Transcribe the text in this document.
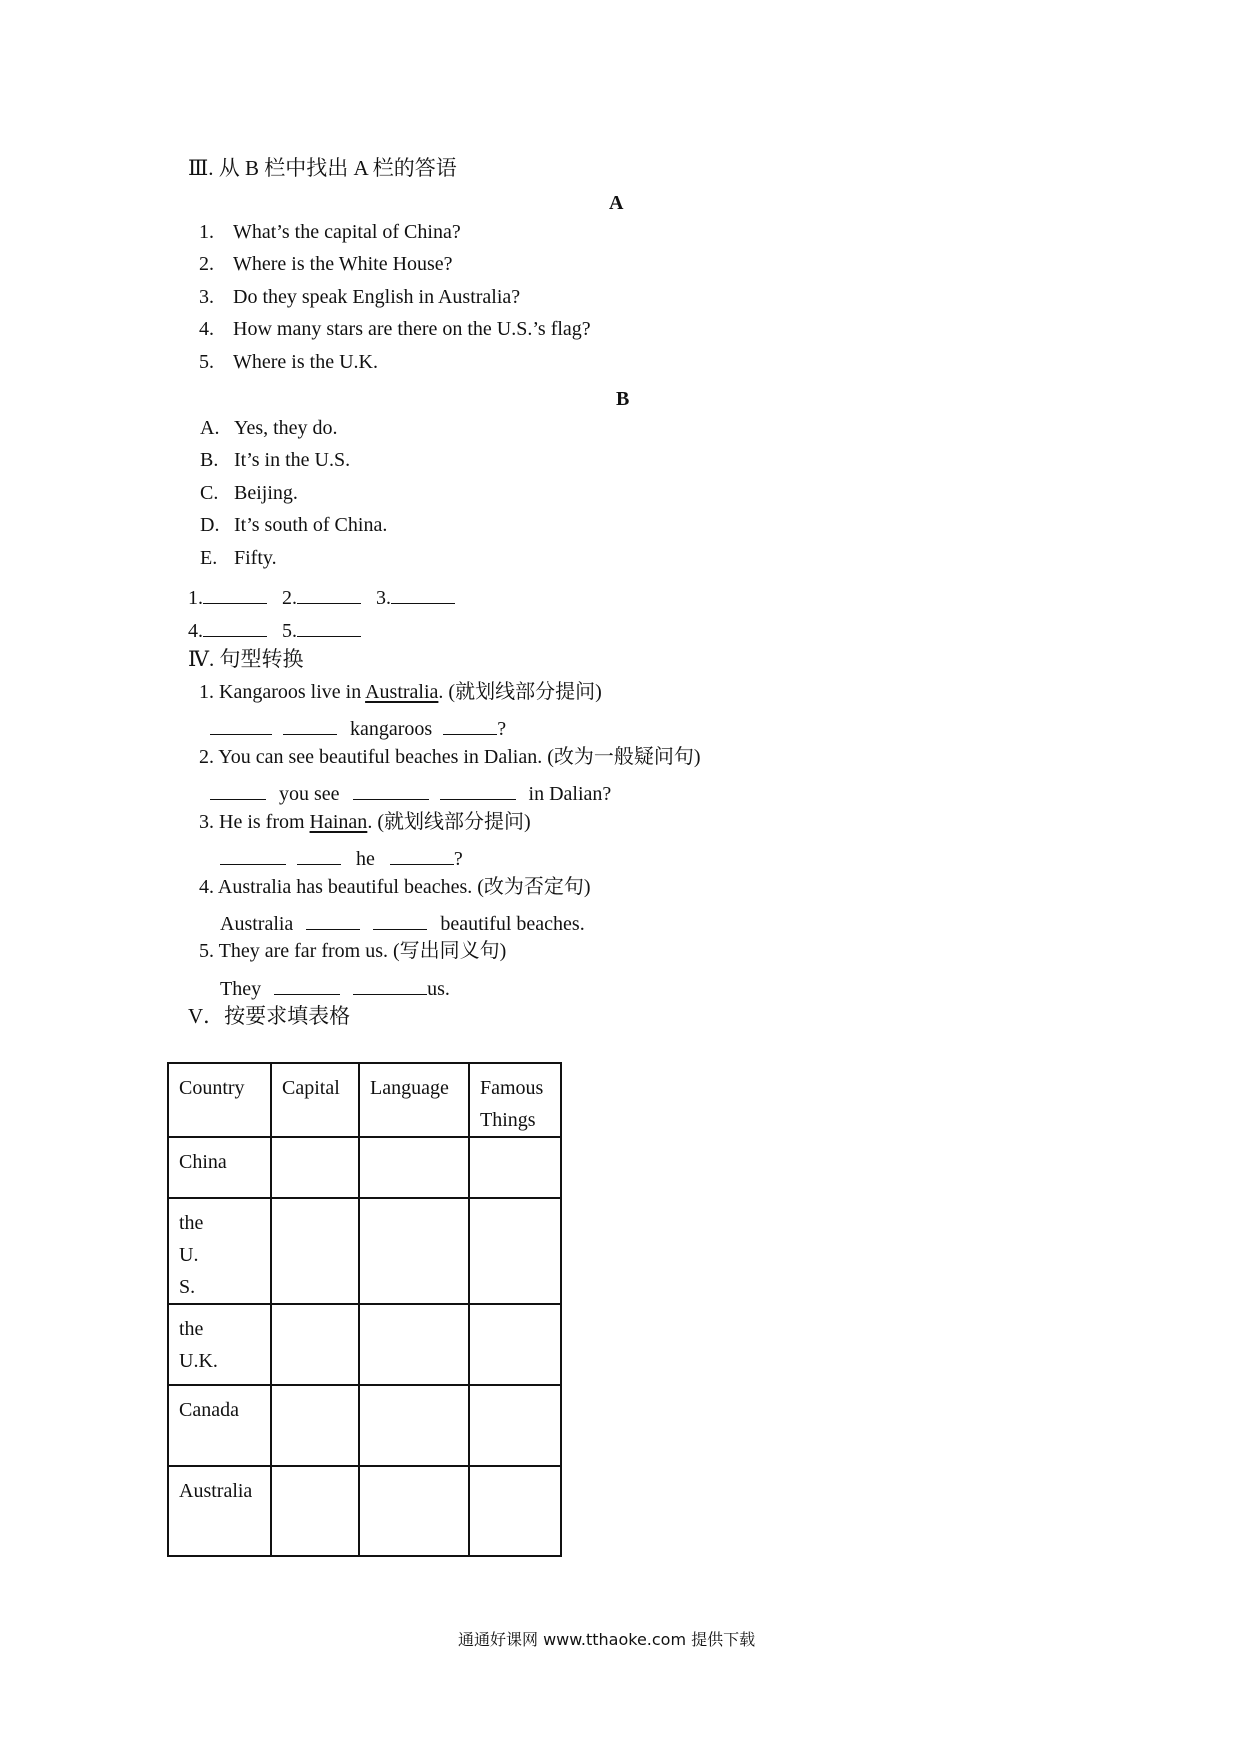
Ⅲ. 从 B 栏中找出 A 栏的答语
A
1. What’s the capital of China?
2. Where is the White House?
3. Do they speak English in Australia?
4. How many stars are there on the U.S.’s flag?
5. Where is the U.K.
B
A. Yes, they do.
B. It’s in the U.S.
C. Beijing.
D. It’s south of China.
E. Fifty.
1.	2.	3.
4.	5.
Ⅳ. 句型转换
1. Kangaroos live in Australia. (就划线部分提问)
kangaroos	?
2. You can see beautiful beaches in Dalian. (改为一般疑问句)
you see	in Dalian?
3. He is from Hainan. (就划线部分提问)
he	?
4. Australia has beautiful beaches. (改为否定句)
Australia	beautiful beaches.
5. They are far from us. (写出同义句)
They	us.
V．按要求填表格
Country	Capital	Language	Famous Things
China			
the U. S.			
the U.K.			
Canada			
Australia			
通通好课网 www.tthaoke.com 提供下载
